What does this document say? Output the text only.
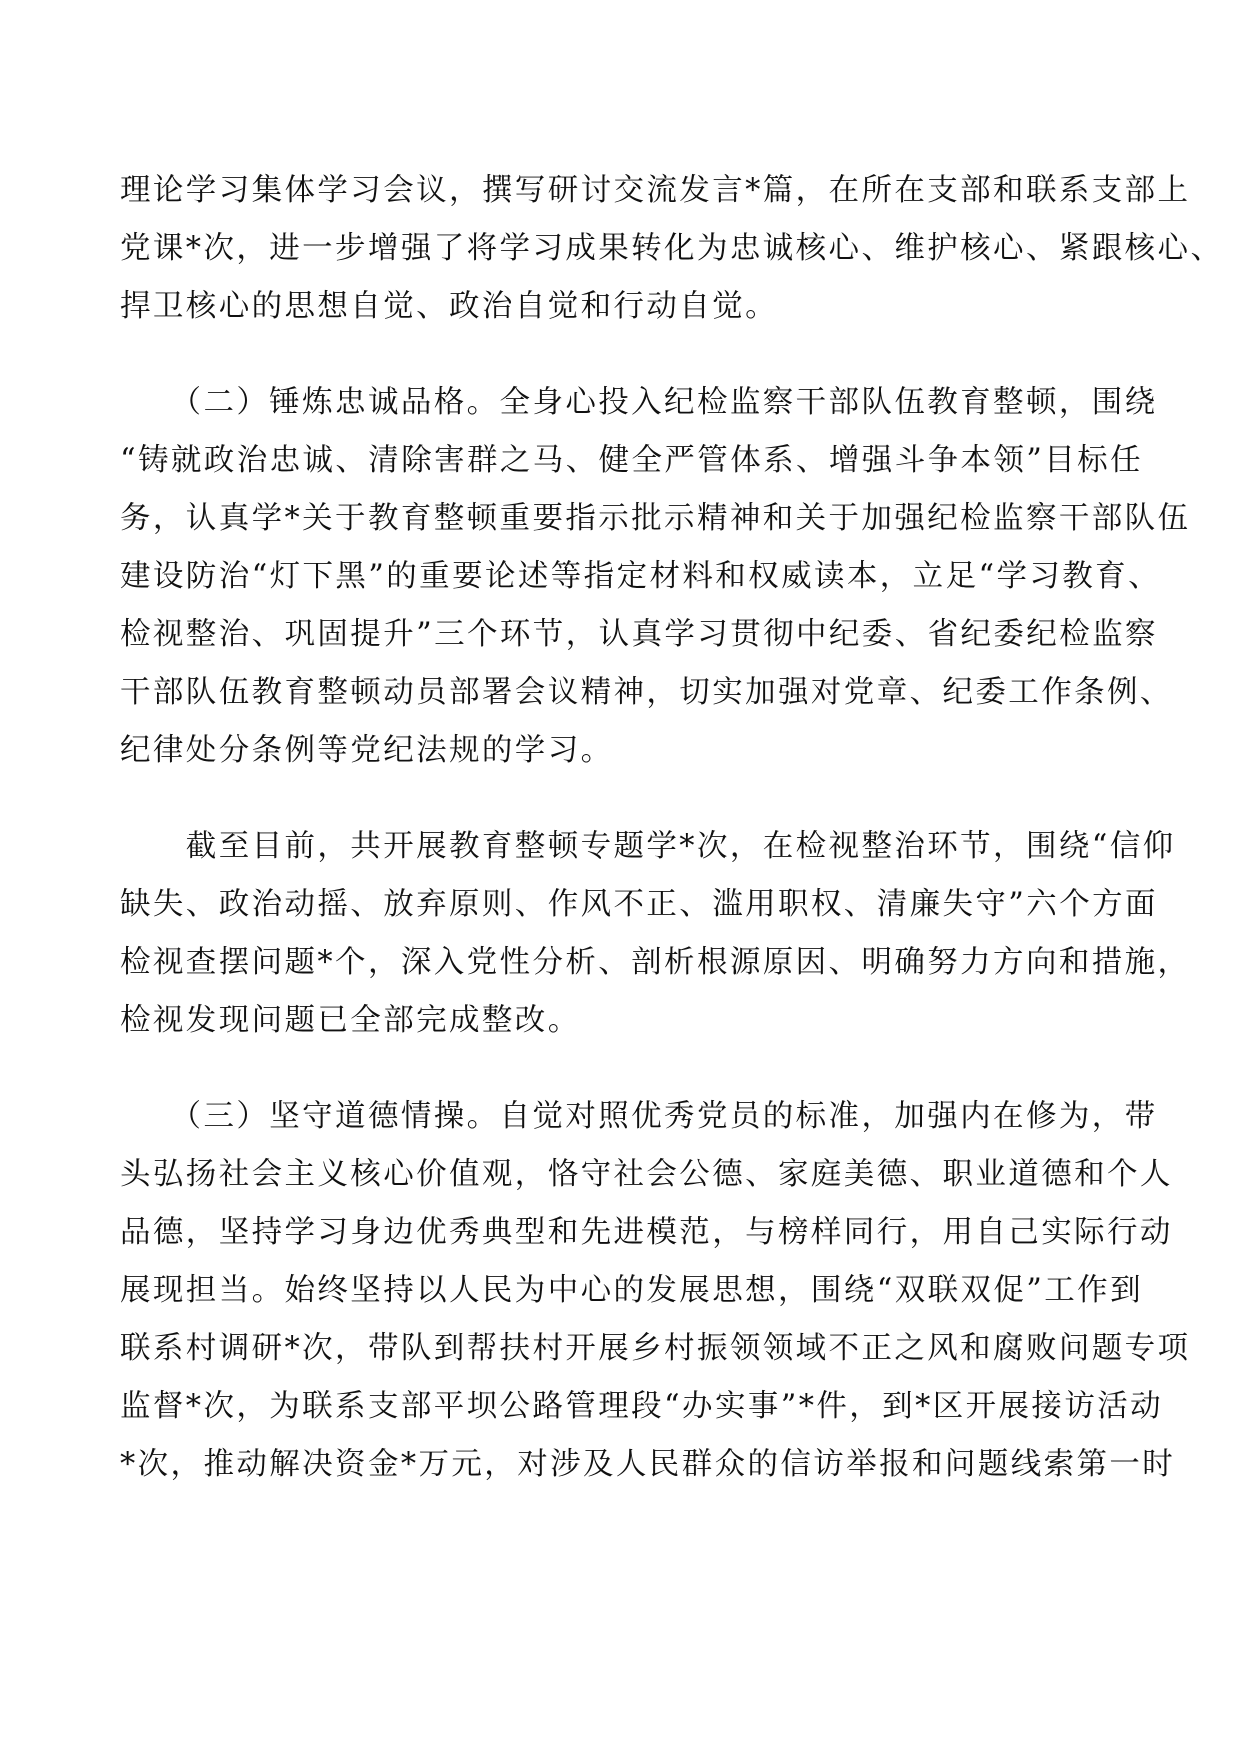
理论学习集体学习会议，撰写研讨交流发言*篇，在所在支部和联系支部上
党课*次，进一步增强了将学习成果转化为忠诚核心、维护核心、紧跟核心、
捍卫核心的思想自觉、政治自觉和行动自觉。
　　（二）锤炼忠诚品格。全身心投入纪检监察干部队伍教育整顿，围绕
“铸就政治忠诚、清除害群之马、健全严管体系、增强斗争本领”目标任
务，认真学*关于教育整顿重要指示批示精神和关于加强纪检监察干部队伍
建设防治“灯下黑”的重要论述等指定材料和权威读本，立足“学习教育、
检视整治、巩固提升”三个环节，认真学习贯彻中纪委、省纪委纪检监察
干部队伍教育整顿动员部署会议精神，切实加强对党章、纪委工作条例、
纪律处分条例等党纪法规的学习。
　　截至目前，共开展教育整顿专题学*次，在检视整治环节，围绕“信仰
缺失、政治动摇、放弃原则、作风不正、滥用职权、清廉失守”六个方面
检视查摆问题*个，深入党性分析、剖析根源原因、明确努力方向和措施，
检视发现问题已全部完成整改。
　　（三）坚守道德情操。自觉对照优秀党员的标准，加强内在修为，带
头弘扬社会主义核心价值观，恪守社会公德、家庭美德、职业道德和个人
品德，坚持学习身边优秀典型和先进模范，与榜样同行，用自己实际行动
展现担当。始终坚持以人民为中心的发展思想，围绕“双联双促”工作到
联系村调研*次，带队到帮扶村开展乡村振领领域不正之风和腐败问题专项
监督*次，为联系支部平坝公路管理段“办实事”*件，到*区开展接访活动
*次，推动解决资金*万元，对涉及人民群众的信访举报和问题线索第一时
